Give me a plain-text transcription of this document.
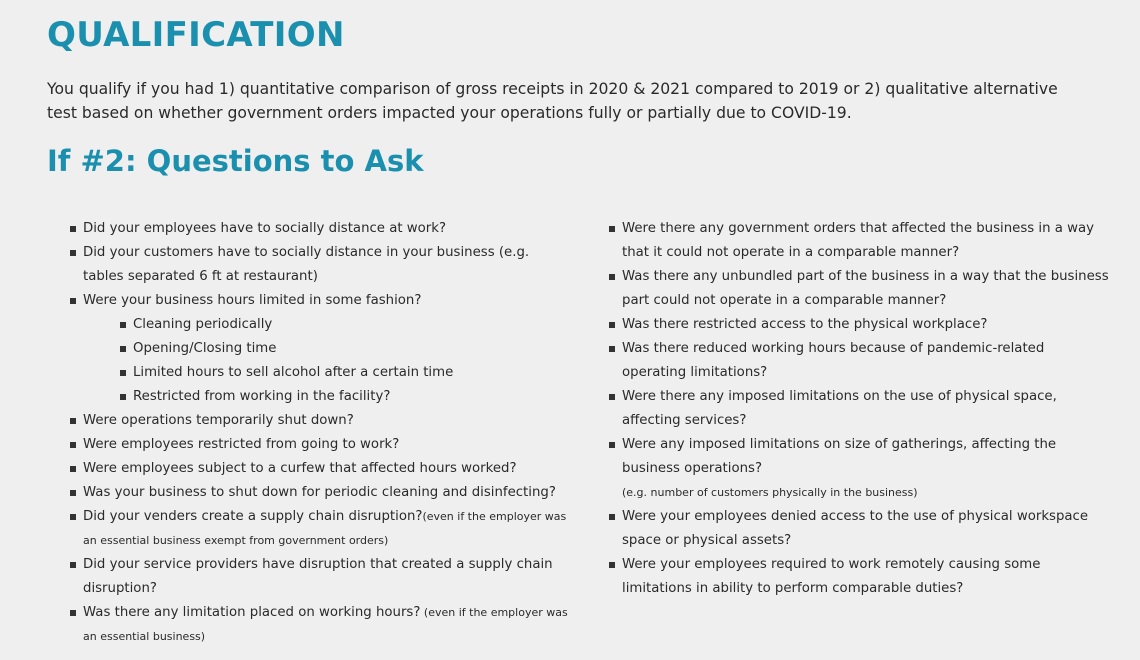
QUALIFICATION

You qualify if you had 1) quantitative comparison of gross receipts in 2020 & 2021 compared to 2019 or 2) qualitative alternative test based on whether government orders impacted your operations fully or partially due to COVID-19.

If #2: Questions to Ask
Did your employees have to socially distance at work?
Did your customers have to socially distance in your business (e.g. tables separated 6 ft at restaurant)
Were your business hours limited in some fashion?
Cleaning periodically
Opening/Closing time
Limited hours to sell alcohol after a certain time
Restricted from working in the facility?
Were operations temporarily shut down?
Were employees restricted from going to work?
Were employees subject to a curfew that affected hours worked?
Was your business to shut down for periodic cleaning and disinfecting?
Did your venders create a supply chain disruption?(even if the employer was an essential business exempt from government orders)
Did your service providers have disruption that created a supply chain disruption?
Was there any limitation placed on working hours? (even if the employer was an essential business)
Were there any government orders that affected the business in a way that it could not operate in a comparable manner?
Was there any unbundled part of the business in a way that the business part could not operate in a comparable manner?
Was there restricted access to the physical workplace?
Was there reduced working hours because of pandemic-related operating limitations?
Were there any imposed limitations on the use of physical space, affecting services?
Were any imposed limitations on size of gatherings, affecting the business operations?
(e.g. number of customers physically in the business)
Were your employees denied access to the use of physical workspace space or physical assets?
Were your employees required to work remotely causing some limitations in ability to perform comparable duties?
